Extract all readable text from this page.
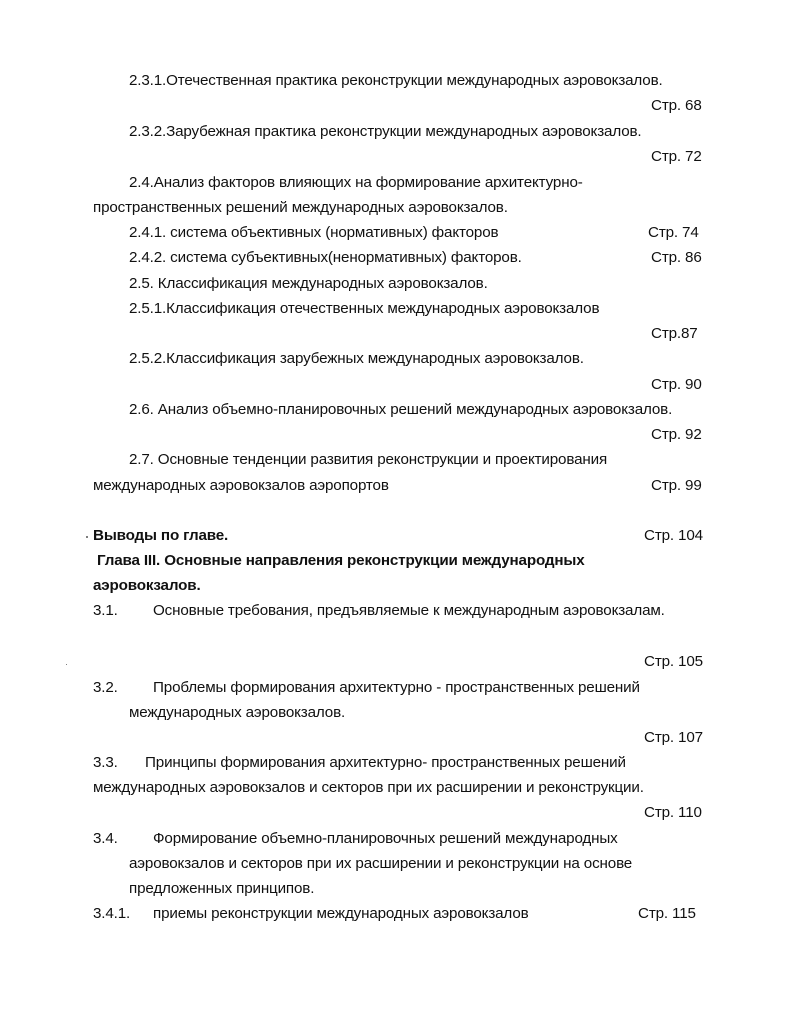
2.3.1.Отечественная практика реконструкции международных аэровокзалов.
Стр. 68
2.3.2.Зарубежная практика реконструкции международных аэровокзалов.
Стр. 72
2.4.Анализ факторов влияющих на формирование архитектурно-
пространственных решений международных аэровокзалов.
2.4.1. система объективных (нормативных) факторов	Стр. 74
2.4.2. система субъективных(ненормативных) факторов.	Стр. 86
2.5. Классификация международных аэровокзалов.
2.5.1.Классификация отечественных международных аэровокзалов
Стр.87
2.5.2.Классификация зарубежных международных аэровокзалов.
Стр. 90
2.6. Анализ объемно-планировочных решений международных аэровокзалов.
Стр. 92
2.7. Основные тенденции развития реконструкции и проектирования
международных аэровокзалов аэропортов	Стр. 99
Выводы по главе.	Стр. 104
Глава III. Основные направления реконструкции международных
аэровокзалов.
3.1. Основные требования, предъявляемые к международным аэровокзалам.
Стр. 105
3.2. Проблемы формирования архитектурно - пространственных решений
международных аэровокзалов.
Стр. 107
3.3. Принципы формирования архитектурно- пространственных решений
международных аэровокзалов и секторов при их расширении и реконструкции.
Стр. 110
3.4. Формирование объемно-планировочных решений международных
аэровокзалов и секторов при их расширении и реконструкции на основе
предложенных принципов.
3.4.1. приемы реконструкции международных аэровокзалов	Стр. 115
